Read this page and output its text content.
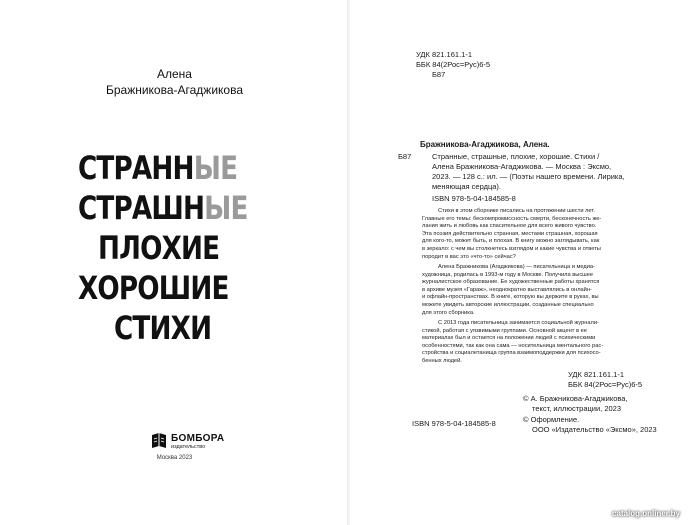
Алена
Бражникова-Агаджикова
СТРАННЫЕ
СТРАШНЫЕ
ПЛОХИЕ
ХОРОШИЕ
СТИХИ
БОМБОРА
издательство
Москва 2023
УДК 821.161.1-1
ББК 84(2Рос=Рус)6-5
Б87
Бражникова-Агаджикова, Алена.
Б87	Странные, страшные, плохие, хорошие. Стихи /
Алена Бражникова-Агаджикова. — Москва : Эксмо,
2023. — 128 с.: ил. — (Поэты нашего времени. Лирика,
меняющая сердца).
ISBN 978-5-04-184585-8
Стихи в этом сборнике писались на протяжении шести лет.
Главные его темы: бескомпромиссность смерти, бесконечность же-
лания жить и любовь как спасительное для всего живого чувство.
Эта поэзия действительно странная, местами страшная, хорошая
для кого-то, может быть, и плохая. В книгу можно заглядывать, как
в зеркало: с чем вы столкнетесь взглядом и какие чувства и ответы
породит в вас это «что-то» сейчас?
Алена Бражникова (Агаджикова) — писательница и медиа-
художница, родилась в 1993-м году в Москве. Получила высшее
журналистское образование. Ее художественные работы хранятся
в архиве музея «Гараж», неоднократно выставлялись в онлайн-
и офлайн-пространствах. В книге, которую вы держите в руках, вы
можете увидеть авторские иллюстрации, созданные специально
для этого сборника.
С 2013 года писательница занимается социальной журнали-
стикой, работая с уязвимыми группами. Основной акцент в ее
материалах был и остается на положении людей с психическими
особенностями, так как она сама — носительница ментального рас-
стройства и социалетанища группа взаимоподдержки для психосо-
бенных людей.
УДК 821.161.1-1
ББК 84(2Рос=Рус)6-5
© А. Бражникова-Агаджикова,
текст, иллюстрации, 2023
© Оформление.
ООО «Издательство «Эксмо», 2023
ISBN 978-5-04-184585-8
catalog.onliner.by
